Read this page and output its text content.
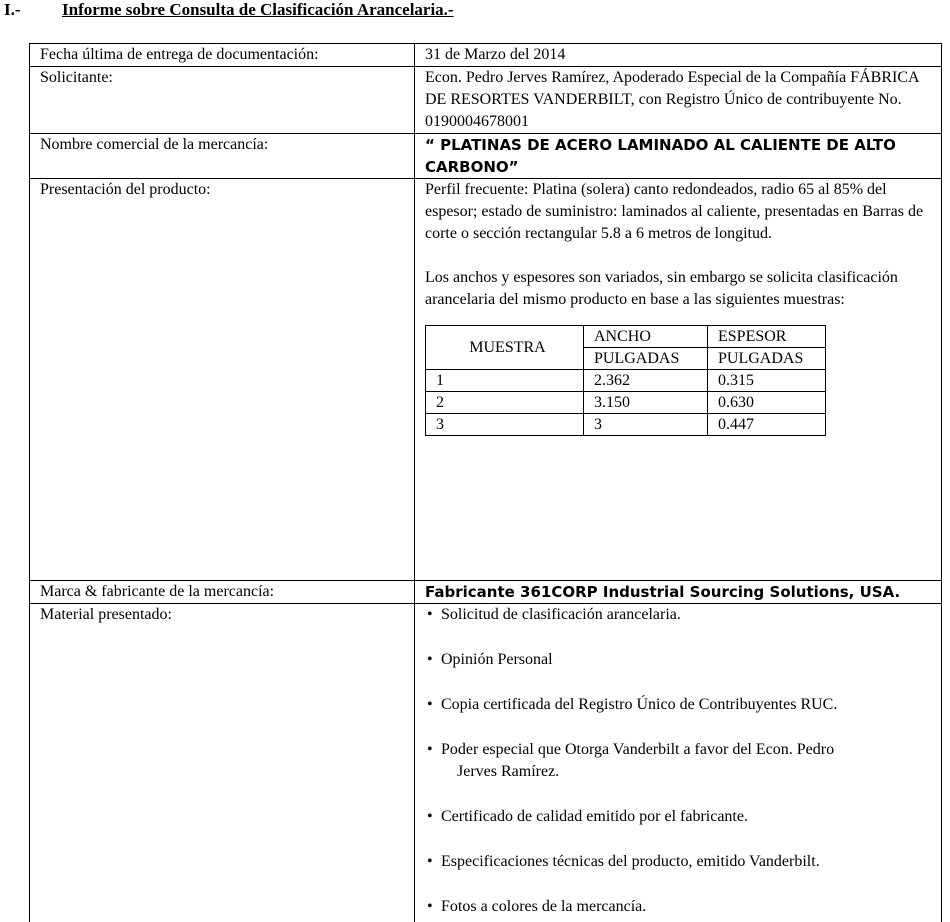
I.- Informe sobre Consulta de Clasificación Arancelaria.-
Fecha última de entrega de documentación:	31 de Marzo del 2014
Solicitante:	Econ. Pedro Jerves Ramírez, Apoderado Especial de la Compañía FÁBRICA DE RESORTES VANDERBILT, con Registro Único de contribuyente No. 0190004678001
Nombre comercial de la mercancía:	“ PLATINAS DE ACERO LAMINADO AL CALIENTE DE ALTO CARBONO”
Presentación del producto:	Perfil frecuente: Platina (solera) canto redondeados, radio 65 al 85% del espesor; estado de suministro: laminados al caliente, presentadas en Barras de corte o sección rectangular 5.8 a 6 metros de longitud.

Los anchos y espesores son variados, sin embargo se solicita clasificación arancelaria del mismo producto en base a las siguientes muestras:

MUESTRA	ANCHO	ESPESOR
PULGADAS	PULGADAS
1	2.362	0.315
2	3.150	0.630
3	3	0.447

Marca & fabricante de la mercancía:	Fabricante 361CORP Industrial Sourcing Solutions, USA.
Material presentado:	• Solicitud de clasificación arancelaria.
• Opinión Personal
• Copia certificada del Registro Único de Contribuyentes RUC.
• Poder especial que Otorga Vanderbilt a favor del Econ. Pedro
Jerves Ramírez.
• Certificado de calidad emitido por el fabricante.
• Especificaciones técnicas del producto, emitido Vanderbilt.
• Fotos a colores de la mercancía.
